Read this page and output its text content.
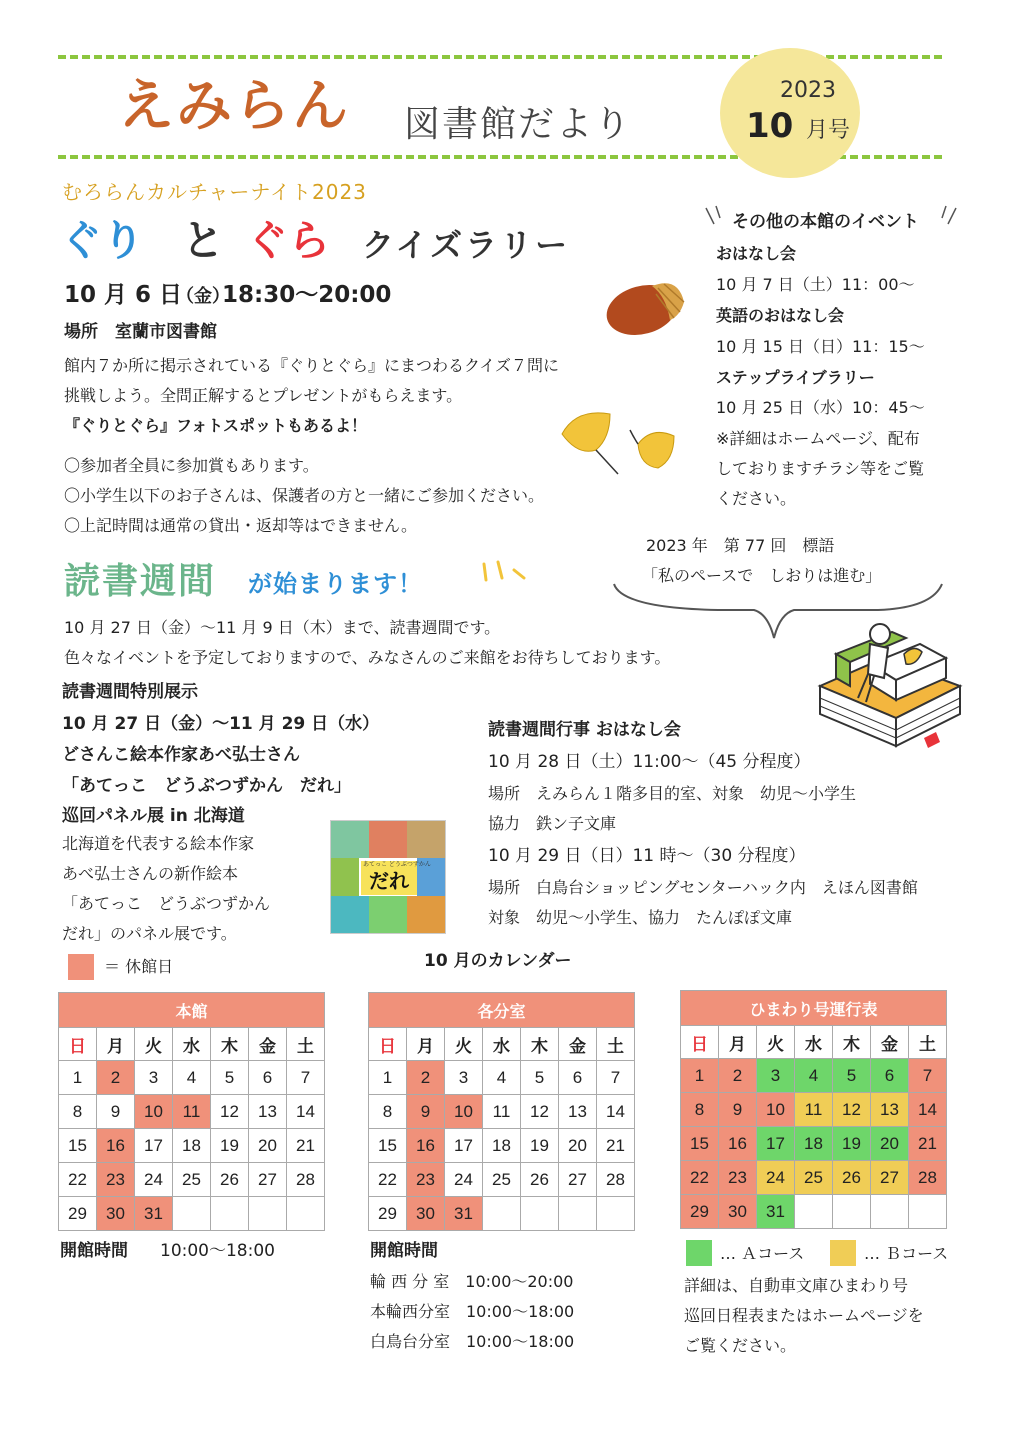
えみらん 図書館だより
2023
10 月号
むろらんカルチャーナイト2023
ぐり と ぐら クイズラリー
10 月 6 日
（金）
18:30〜20:00
場所　室蘭市図書館
館内７か所に掲示されている『ぐりとぐら』にまつわるクイズ７問に
挑戦しよう。全問正解するとプレゼントがもらえます。
『ぐりとぐら』フォトスポットもあるよ！
〇参加者全員に参加賞もあります。
〇小学生以下のお子さんは、保護者の方と一緒にご参加ください。
〇上記時間は通常の貸出・返却等はできません。
その他の本館のイベント
おはなし会
10 月 7 日（土）11：00〜
英語のおはなし会
10 月 15 日（日）11：15〜
ステップライブラリー
10 月 25 日（水）10：45〜
※詳細はホームページ、配布
しておりますチラシ等をご覧
ください。
2023 年　第 77 回　標語
「私のペースで　しおりは進む」
読書週間 が始まります！
10 月 27 日（金）〜11 月 9 日（木）まで、読書週間です。
色々なイベントを予定しておりますので、みなさんのご来館をお待ちしております。
読書週間特別展示
10 月 27 日（金）〜11 月 29 日（水）
どさんこ絵本作家あべ弘士さん
「あてっこ　どうぶつずかん　だれ」
巡回パネル展 in 北海道
北海道を代表する絵本作家
あべ弘士さんの新作絵本
「あてっこ　どうぶつずかん
だれ」のパネル展です。
あてっこ どうぶつずかん
だれ
読書週間行事 おはなし会
10 月 28 日（土）11:00〜（45 分程度）
場所　えみらん１階多目的室、対象　幼児〜小学生
協力　鉄ン子文庫
10 月 29 日（日）11 時〜（30 分程度）
場所　白鳥台ショッピングセンターハック内　えほん図書館
対象　幼児〜小学生、協力　たんぽぽ文庫
＝ 休館日	10 月のカレンダー
本館						
日	月	火	水	木	金	土
1	2	3	4	5	6	7
8	9	10	11	12	13	14
15	16	17	18	19	20	21
22	23	24	25	26	27	28
29	30	31				
各分室						
日	月	火	水	木	金	土
1	2	3	4	5	6	7
8	9	10	11	12	13	14
15	16	17	18	19	20	21
22	23	24	25	26	27	28
29	30	31				
ひまわり号運行表						
日	月	火	水	木	金	土
1	2	3	4	5	6	7
8	9	10	11	12	13	14
15	16	17	18	19	20	21
22	23	24	25	26	27	28
29	30	31				
開館時間 10:00〜18:00	開館時間
輪 西 分 室　10:00〜20:00
本輪西分室　10:00〜18:00
白鳥台分室　10:00〜18:00
… Ａコース	… Ｂコース
詳細は、自動車文庫ひまわり号
巡回日程表またはホームページを
ご覧ください。
